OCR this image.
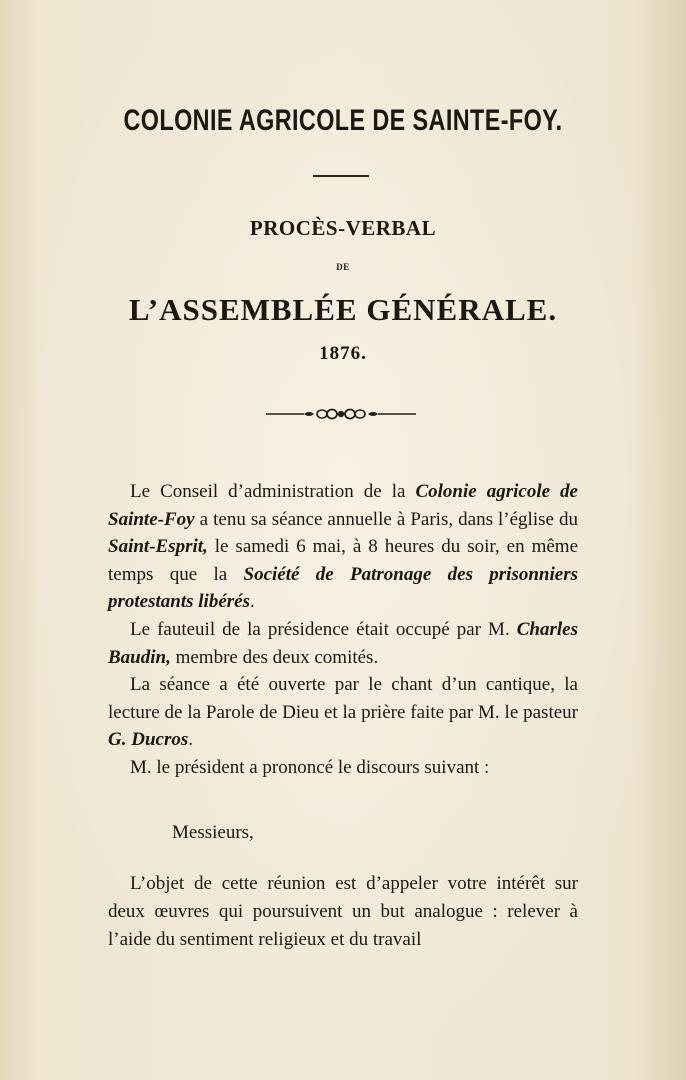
COLONIE AGRICOLE DE SAINTE-FOY.
PROCÈS-VERBAL
DE
L’ASSEMBLÉE GÉNÉRALE.
1876.

Le Conseil d’administration de la Colonie agricole de Sainte-Foy a tenu sa séance annuelle à Paris, dans l’église du Saint-Esprit, le samedi 6 mai, à 8 heures du soir, en même temps que la Société de Patronage des prisonniers protestants libérés.

Le fauteuil de la présidence était occupé par M. Charles Baudin, membre des deux comités.

La séance a été ouverte par le chant d’un cantique, la lecture de la Parole de Dieu et la prière faite par M. le pasteur G. Ducros.

M. le président a prononcé le discours suivant :

Messieurs,

L’objet de cette réunion est d’appeler votre intérêt sur deux œuvres qui poursuivent un but analogue : relever à l’aide du sentiment religieux et du travail
